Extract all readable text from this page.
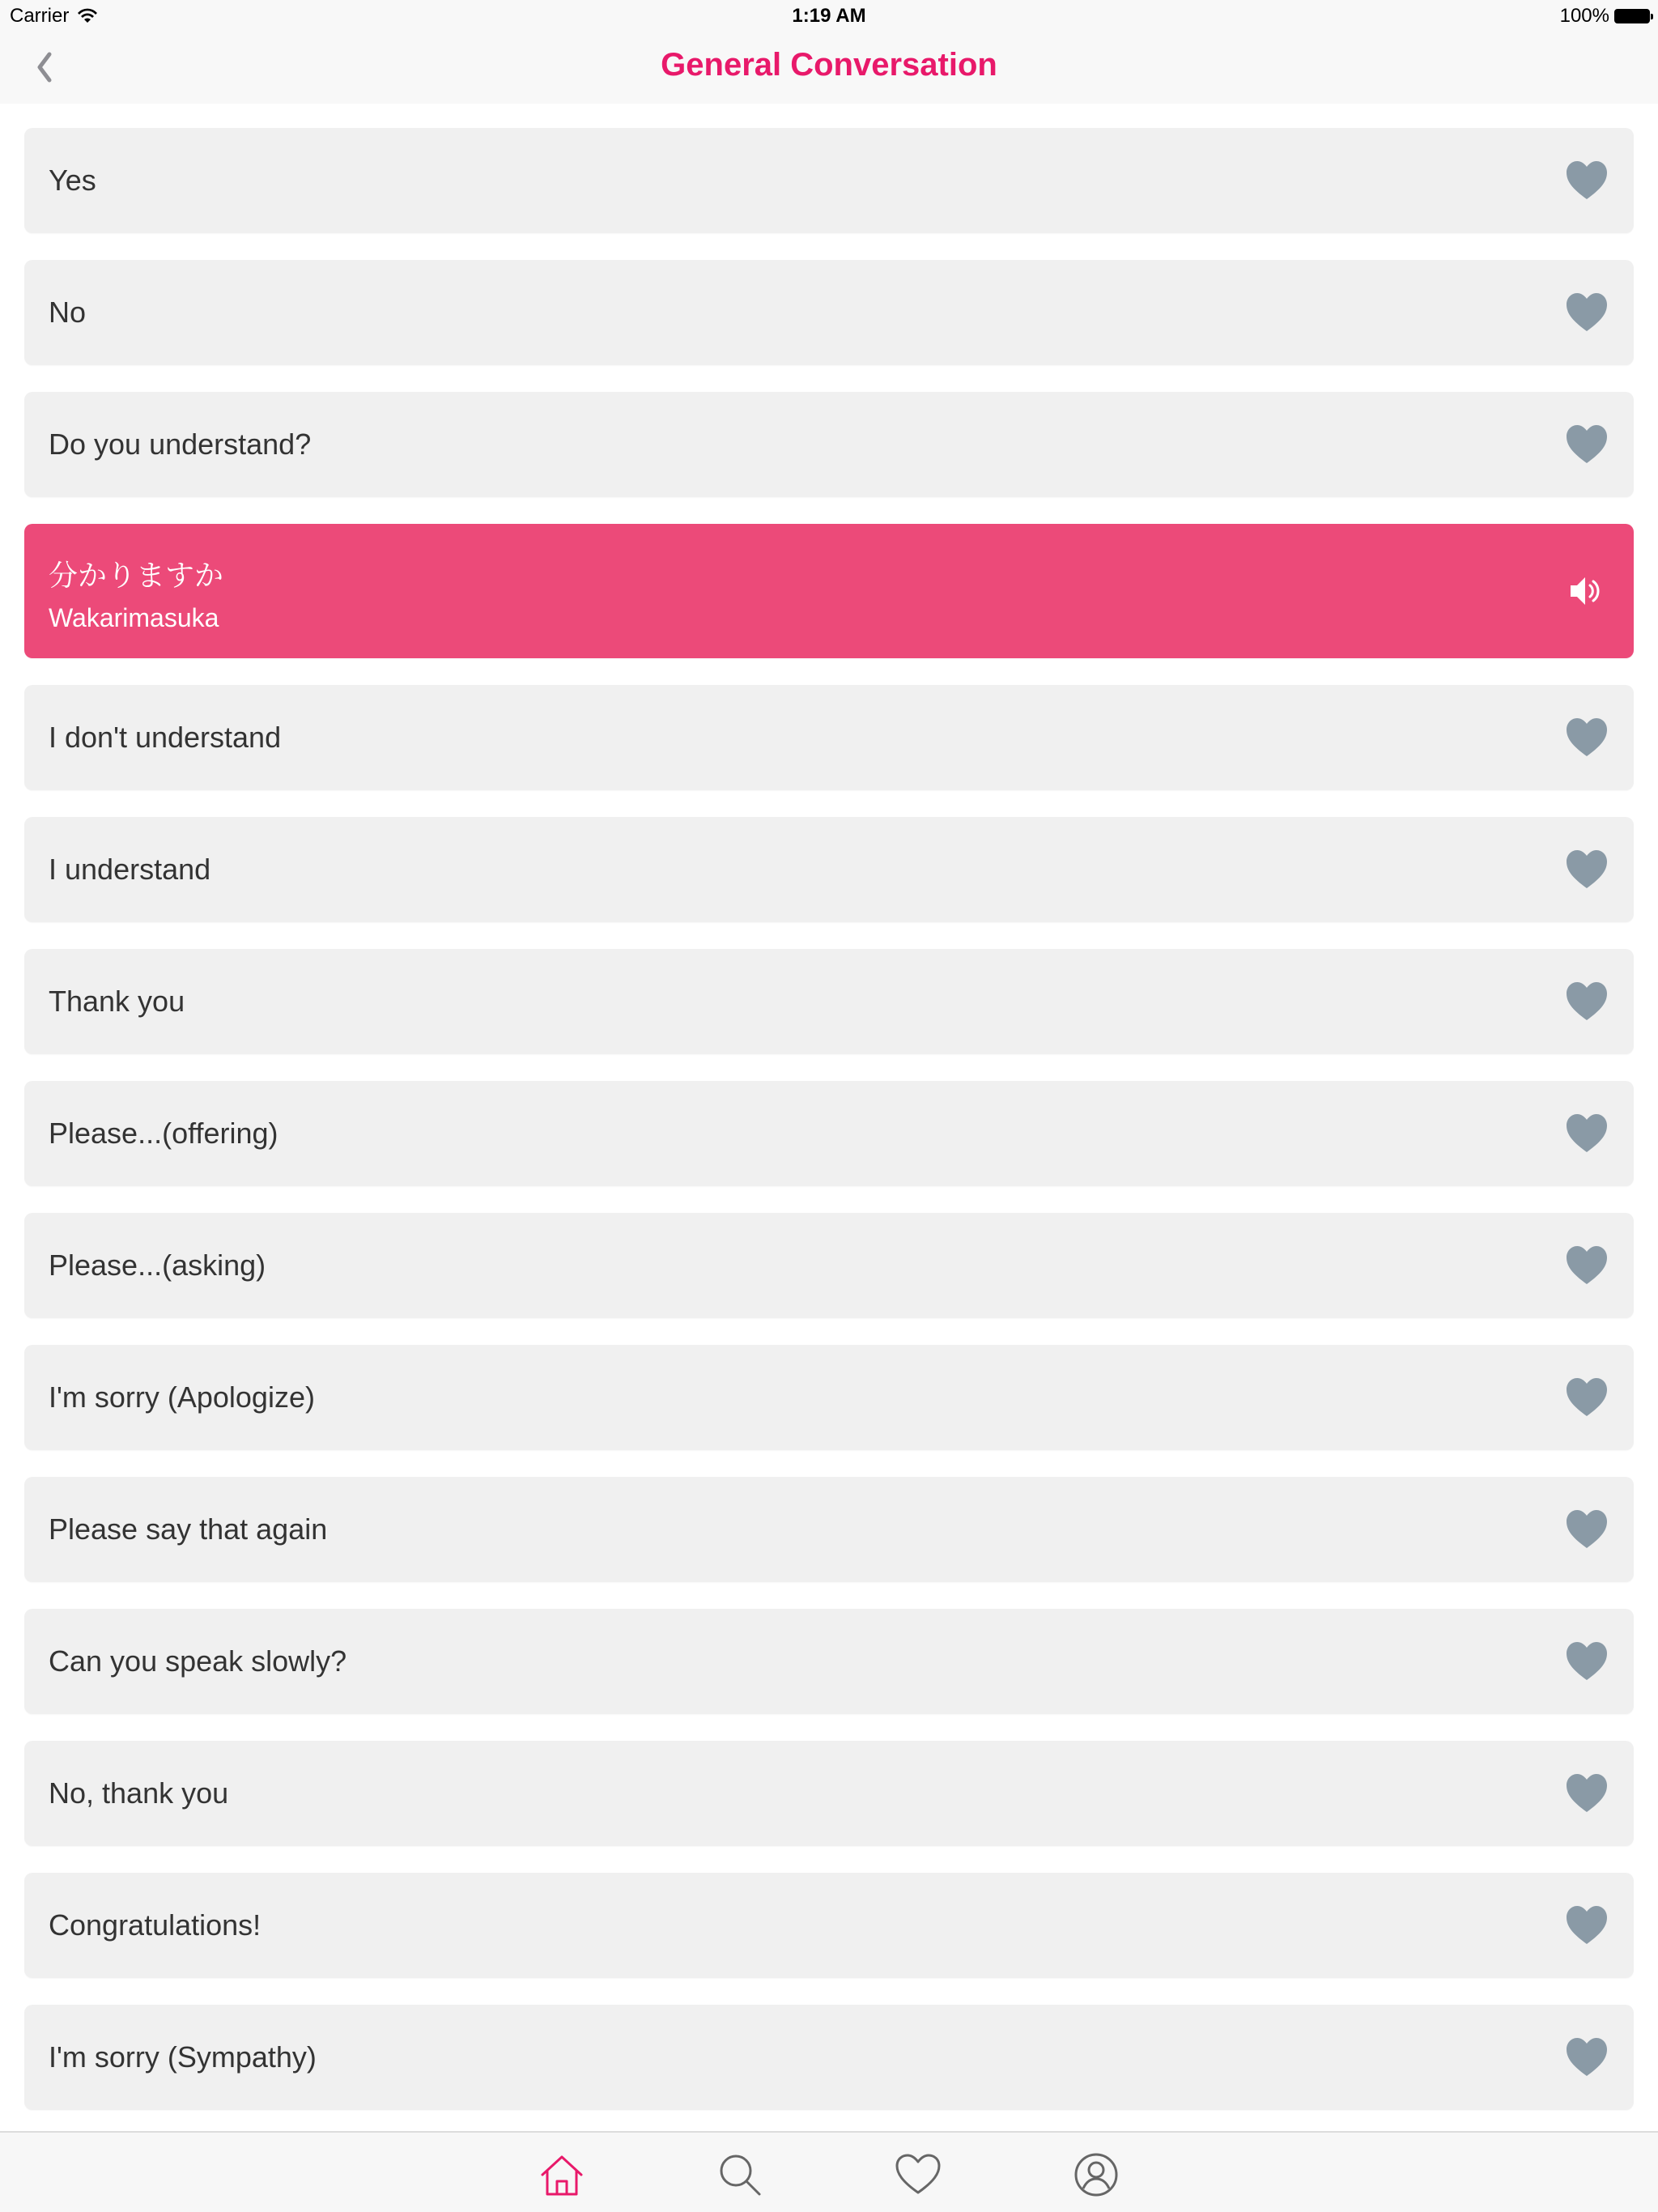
Carrier	1:19 AM	100%
General Conversation
Yes
No
Do you understand?
分かりますか
Wakarimasuka
I don't understand
I understand
Thank you
Please...(offering)
Please...(asking)
I'm sorry (Apologize)
Please say that again
Can you speak slowly?
No, thank you
Congratulations!
I'm sorry (Sympathy)
